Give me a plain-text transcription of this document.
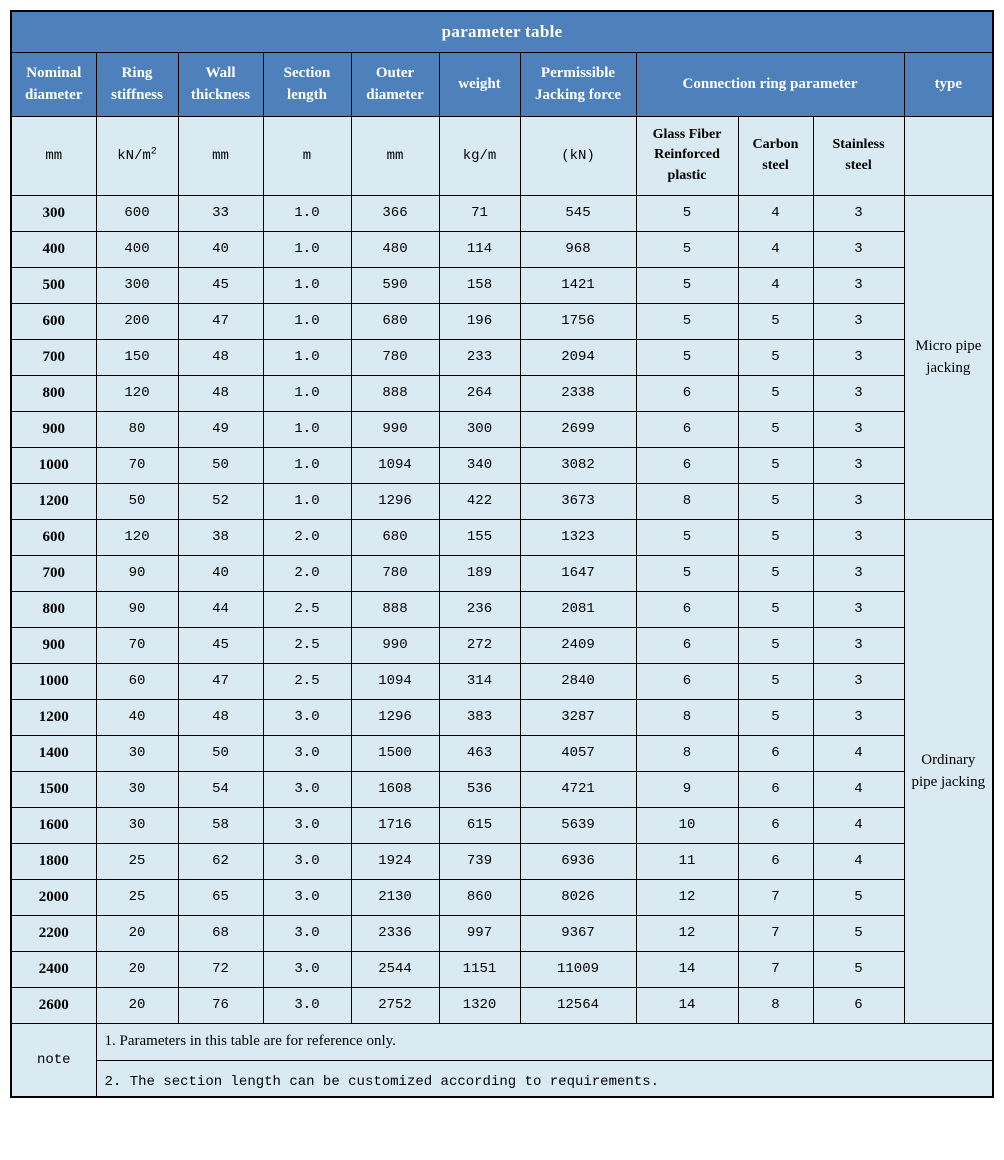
parameter table										
Nominal diameter	Ring stiffness	Wall thickness	Section length	Outer diameter	weight	Permissible Jacking force	Connection ring parameter			type
mm	$kN/m^2$	mm	m	mm	kg/m	(kN)	Glass Fiber Reinforced plastic	Carbon steel	Stainless steel	
300	600	33	1.0	366	71	545	5	4	3	Micro pipe jacking
400	400	40	1.0	480	114	968	5	4	3	
500	300	45	1.0	590	158	1421	5	4	3	
600	200	47	1.0	680	196	1756	5	5	3	
700	150	48	1.0	780	233	2094	5	5	3	
800	120	48	1.0	888	264	2338	6	5	3	
900	80	49	1.0	990	300	2699	6	5	3	
1000	70	50	1.0	1094	340	3082	6	5	3	
1200	50	52	1.0	1296	422	3673	8	5	3	
600	120	38	2.0	680	155	1323	5	5	3	Ordinary pipe jacking
700	90	40	2.0	780	189	1647	5	5	3	
800	90	44	2.5	888	236	2081	6	5	3	
900	70	45	2.5	990	272	2409	6	5	3	
1000	60	47	2.5	1094	314	2840	6	5	3	
1200	40	48	3.0	1296	383	3287	8	5	3	
1400	30	50	3.0	1500	463	4057	8	6	4	
1500	30	54	3.0	1608	536	4721	9	6	4	
1600	30	58	3.0	1716	615	5639	10	6	4	
1800	25	62	3.0	1924	739	6936	11	6	4	
2000	25	65	3.0	2130	860	8026	12	7	5	
2200	20	68	3.0	2336	997	9367	12	7	5	
2400	20	72	3.0	2544	1151	11009	14	7	5	
2600	20	76	3.0	2752	1320	12564	14	8	6	
note	1. Parameters in this table are for reference only.									
	2. The section length can be customized according to requirements.									
